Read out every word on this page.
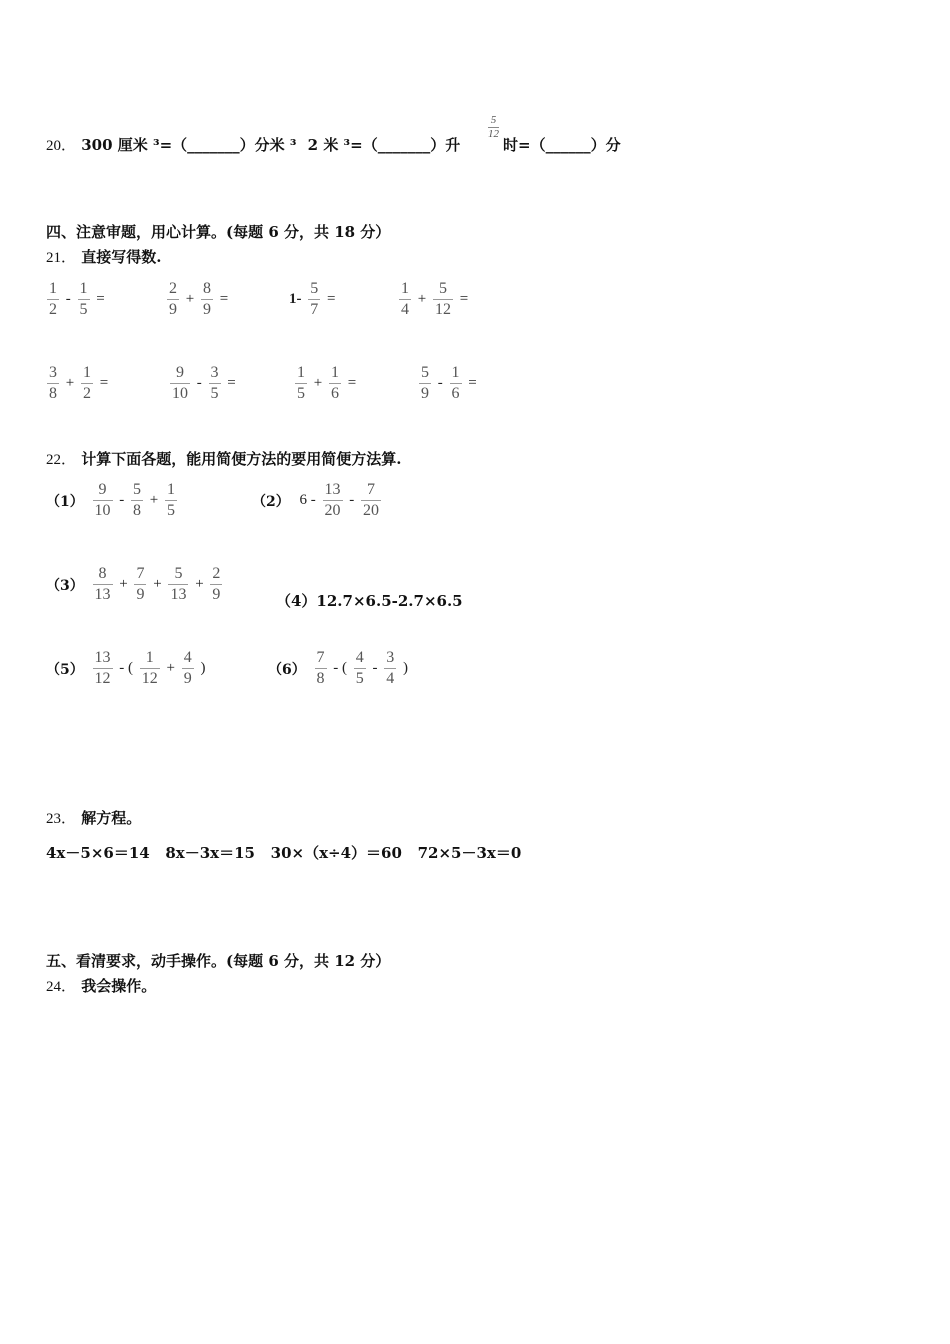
20． 300 厘米 ³=（_______）分米 ³ 2 米 ³=（_______）升
$\frac{5}{12}$
时=（______）分
四、注意审题，用心计算。(每题 6 分，共 18 分）
21． 直接写得数.
$\frac{1}{2} - \frac{1}{5}$ =	$\frac{2}{9} + \frac{8}{9}$ =	$1- \frac{5}{7}$ =	$\frac{1}{4} + \frac{5}{12}$ =
$\frac{3}{8} + \frac{1}{2}$ =	$\frac{9}{10} - \frac{3}{5}$ =	$\frac{1}{5} + \frac{1}{6}$ =	$\frac{5}{9} - \frac{1}{6}$ =
22． 计算下面各题，能用简便方法的要用简便方法算.
$(1) \frac{9}{10} - \frac{5}{8} + \frac{1}{5}$	（2） $6 - \frac{13}{20} - \frac{7}{20}$
$(3) \frac{8}{13} + \frac{7}{9} + \frac{5}{13} + \frac{2}{9}$	（4）12.7×6.5-2.7×6.5
$(5) \frac{13}{12}$ - ( $\frac{1}{12} + \frac{4}{9}$ )	$(6) \frac{7}{8}$ - ( $\frac{4}{5} - \frac{3}{4}$ )
23． 解方程。
4x－5×6＝14   8x－3x＝15   30×（x÷4）＝60   72×5－3x＝0
五、看清要求，动手操作。(每题 6 分，共 12 分）
24． 我会操作。
